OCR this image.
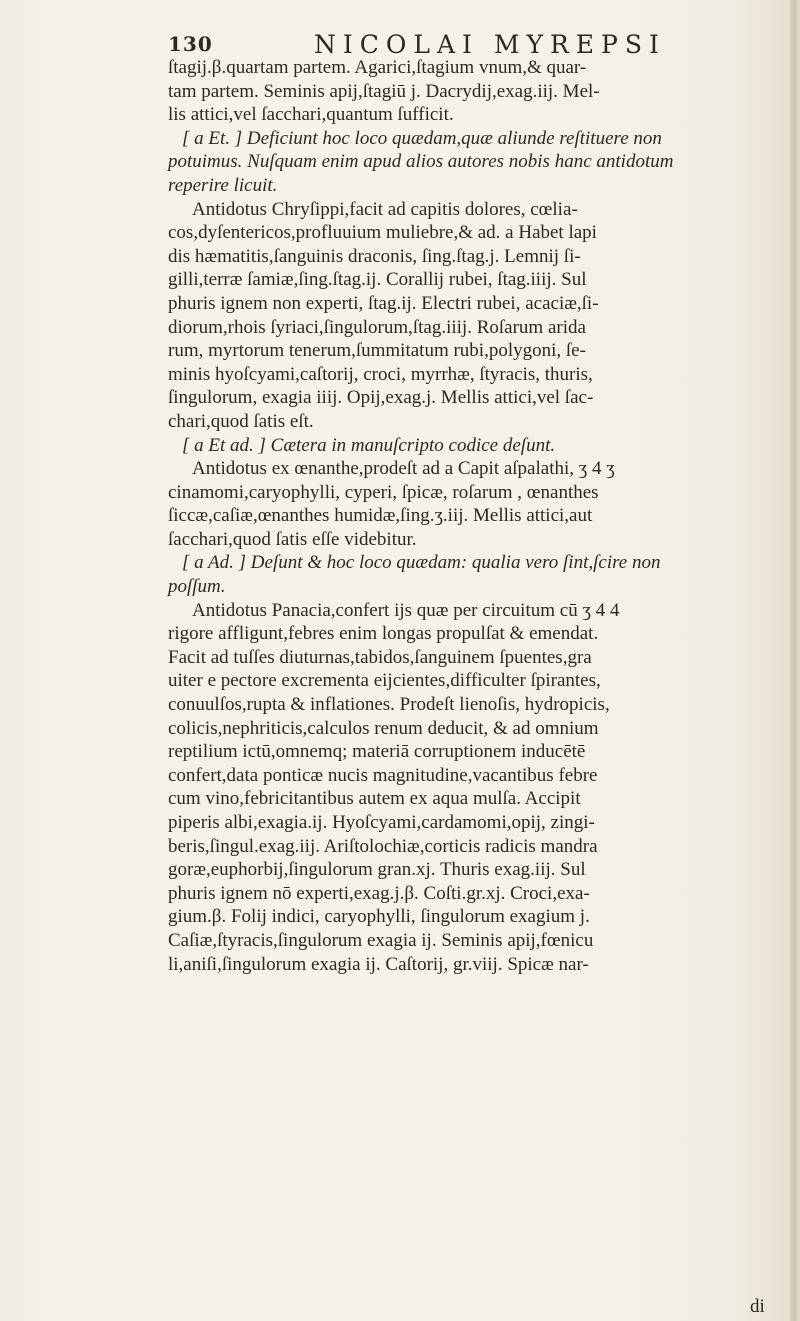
130	NICOLAI MYREPSI
ſtagij.β.quartam partem. Agarici,ſtagium vnum,& quar-
tam partem. Seminis apij,ſtagiū j. Dacrydij,exag.iij. Mel-
lis attici,vel ſacchari,quantum ſufficit.
[ a Et. ] Deficiunt hoc loco quædam,quæ aliunde reſtituere non
potuimus. Nuſquam enim apud alios autores nobis hanc antidotum
reperire licuit.
Antidotus Chryſippi,facit ad capitis dolores, cœlia-
cos,dyſentericos,profluuium muliebre,& ad. a Habet lapi
dis hæmatitis,ſanguinis draconis, ſing.ſtag.j. Lemnij ſi-
gilli,terræ ſamiæ,ſing.ſtag.ij. Corallij rubei, ſtag.iiij. Sul
phuris ignem non experti, ſtag.ij. Electri rubei, acaciæ,ſi-
diorum,rhois ſyriaci,ſingulorum,ſtag.iiij. Roſarum arida
rum, myrtorum tenerum,ſummitatum rubi,polygoni, ſe-
minis hyoſcyami,caſtorij, croci, myrrhæ, ſtyracis, thuris,
ſingulorum, exagia iiij. Opij,exag.j. Mellis attici,vel ſac-
chari,quod ſatis eſt.
[ a Et ad. ] Cætera in manuſcripto codice deſunt.
Antidotus ex œnanthe,prodeſt ad a Capit aſpalathi, ʒ 4 ʒ
cinamomi,caryophylli, cyperi, ſpicæ, roſarum , œnanthes
ſiccæ,caſiæ,œnanthes humidæ,ſing.ʒ.iij. Mellis attici,aut
ſacchari,quod ſatis eſſe videbitur.
[ a Ad. ] Deſunt & hoc loco quædam: qualia vero ſint,ſcire non
poſſum.
Antidotus Panacia,confert ijs quæ per circuitum cū ʒ 4 4
rigore affligunt,febres enim longas propulſat & emendat.
Facit ad tuſſes diuturnas,tabidos,ſanguinem ſpuentes,gra
uiter e pectore excrementa eijcientes,difficulter ſpirantes,
conuulſos,rupta & inflationes. Prodeſt lienoſis, hydropicis,
colicis,nephriticis,calculos renum deducit, & ad omnium
reptilium ictū,omnemq; materiā corruptionem inducētē
confert,data ponticæ nucis magnitudine,vacantibus febre
cum vino,febricitantibus autem ex aqua mulſa. Accipit
piperis albi,exagia.ij. Hyoſcyami,cardamomi,opij, zingi-
beris,ſingul.exag.iij. Ariſtolochiæ,corticis radicis mandra
goræ,euphorbij,ſingulorum gran.xj. Thuris exag.iij. Sul
phuris ignem nō experti,exag.j.β. Coſti.gr.xj. Croci,exa-
gium.β. Folij indici, caryophylli, ſingulorum exagium j.
Caſiæ,ſtyracis,ſingulorum exagia ij. Seminis apij,fœnicu
li,aniſi,ſingulorum exagia ij. Caſtorij, gr.viij. Spicæ nar-
di
